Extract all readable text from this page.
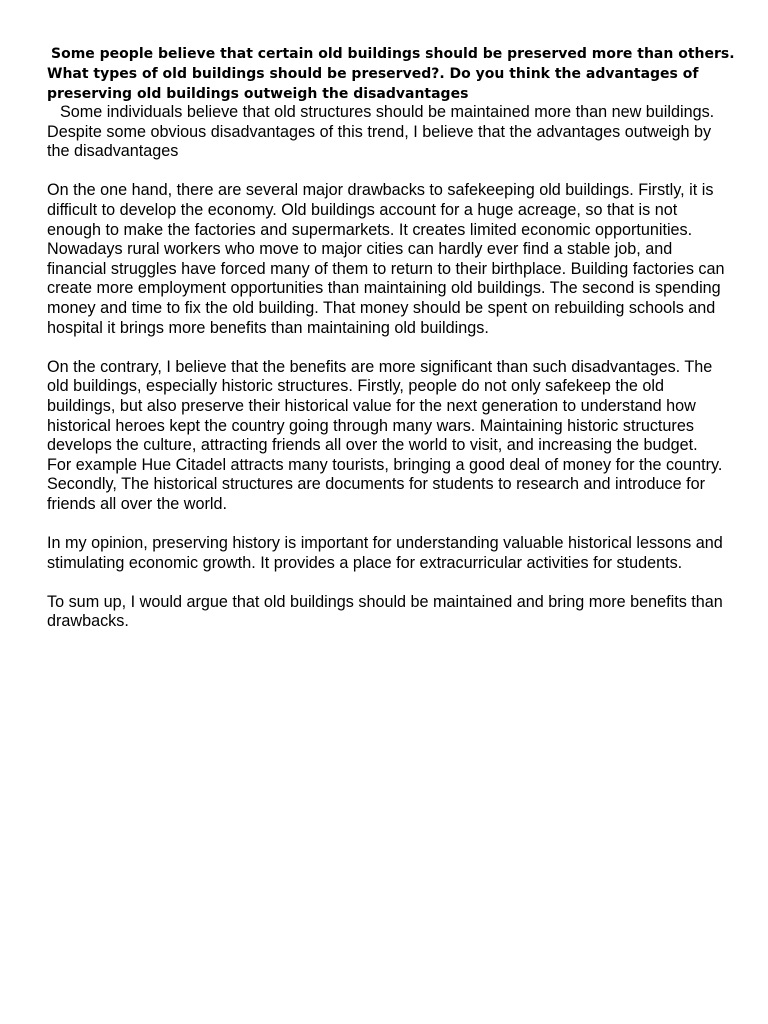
Some people believe that certain old buildings should be preserved more than others.
What types of old buildings should be preserved?. Do you think the advantages of
preserving old buildings outweigh the disadvantages

Some individuals believe that old structures should be maintained more than new buildings. Despite some obvious disadvantages of this trend, I believe that the advantages outweigh by the disadvantages

On the one hand, there are several major drawbacks to safekeeping old buildings. Firstly, it is difficult to develop the economy. Old buildings account for a huge acreage, so that is not enough to make the factories and supermarkets. It creates limited economic opportunities. Nowadays rural workers who move to major cities can hardly ever find a stable job, and financial struggles have forced many of them to return to their birthplace. Building factories can create more employment opportunities than maintaining old buildings. The second is spending money and time to fix the old building. That money should be spent on rebuilding schools and hospital it brings more benefits than maintaining old buildings.

On the contrary, I believe that the benefits are more significant than such disadvantages. The old buildings, especially historic structures. Firstly, people do not only safekeep the old buildings, but also preserve their historical value for the next generation to understand how historical heroes kept the country going through many wars. Maintaining historic structures develops the culture, attracting friends all over the world to visit, and increasing the budget. For example Hue Citadel attracts many tourists, bringing a good deal of money for the country. Secondly, The historical structures are documents for students to research and introduce for friends all over the world.

In my opinion, preserving history is important for understanding valuable historical lessons and stimulating economic growth. It provides a place for extracurricular activities for students.

To sum up, I would argue that old buildings should be maintained and bring more benefits than drawbacks.
